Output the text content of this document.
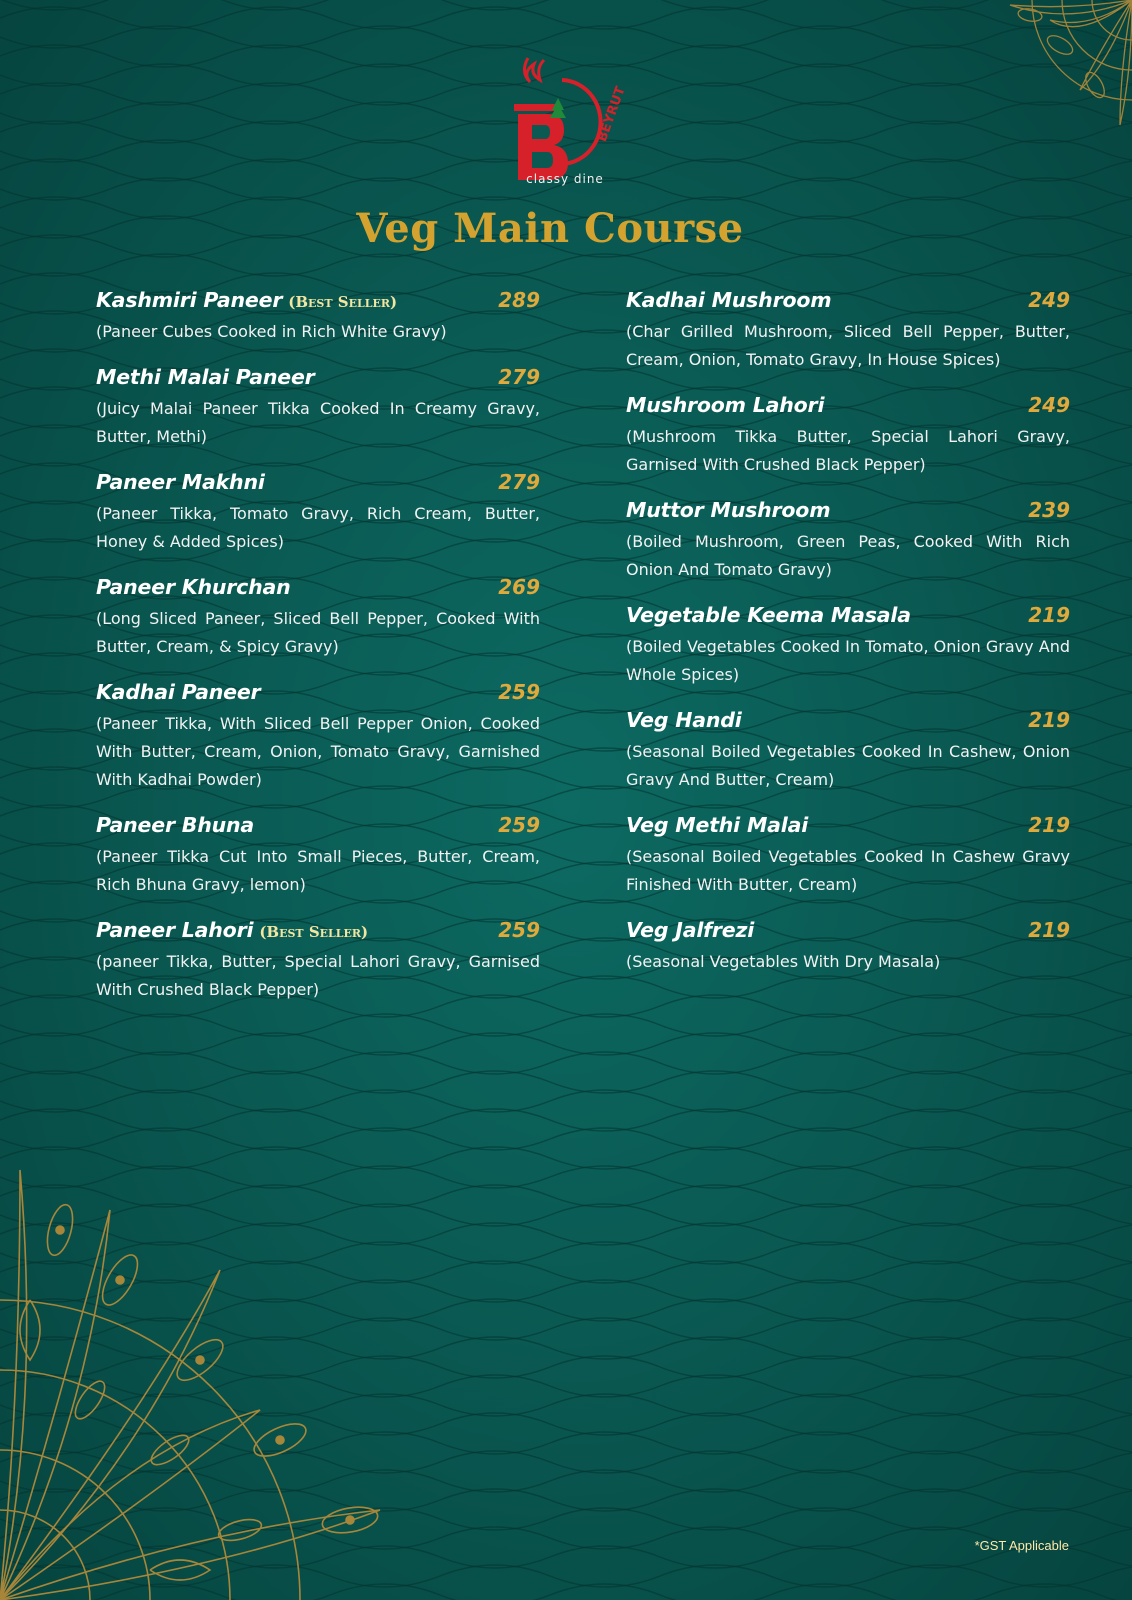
BEYRUT
classy dine
Veg Main Course
Kashmiri Paneer (Best Seller)	289
(Paneer Cubes Cooked in Rich White Gravy)
Methi Malai Paneer	279
(Juicy Malai Paneer Tikka Cooked In Creamy Gravy, Butter, Methi)
Paneer Makhni	279
(Paneer Tikka, Tomato Gravy, Rich Cream, Butter, Honey & Added Spices)
Paneer Khurchan	269
(Long Sliced Paneer, Sliced Bell Pepper, Cooked With Butter, Cream, & Spicy Gravy)
Kadhai Paneer	259
(Paneer Tikka, With Sliced Bell Pepper Onion, Cooked With Butter, Cream, Onion, Tomato Gravy, Garnished With Kadhai Powder)
Paneer Bhuna	259
(Paneer Tikka Cut Into Small Pieces, Butter, Cream, Rich Bhuna Gravy, lemon)
Paneer Lahori (Best Seller)	259
(paneer Tikka, Butter, Special Lahori Gravy, Garnised With Crushed Black Pepper)
Kadhai Mushroom	249
(Char Grilled Mushroom, Sliced Bell Pepper, Butter, Cream, Onion, Tomato Gravy, In House Spices)
Mushroom Lahori	249
(Mushroom Tikka Butter, Special Lahori Gravy, Garnised With Crushed Black Pepper)
Muttor Mushroom	239
(Boiled Mushroom, Green Peas, Cooked With Rich Onion And Tomato Gravy)
Vegetable Keema Masala	219
(Boiled Vegetables Cooked In Tomato, Onion Gravy And Whole Spices)
Veg Handi	219
(Seasonal Boiled Vegetables Cooked In Cashew, Onion Gravy And Butter, Cream)
Veg Methi Malai	219
(Seasonal Boiled Vegetables Cooked In Cashew Gravy Finished With Butter, Cream)
Veg Jalfrezi	219
(Seasonal Vegetables With Dry Masala)
*GST Applicable
